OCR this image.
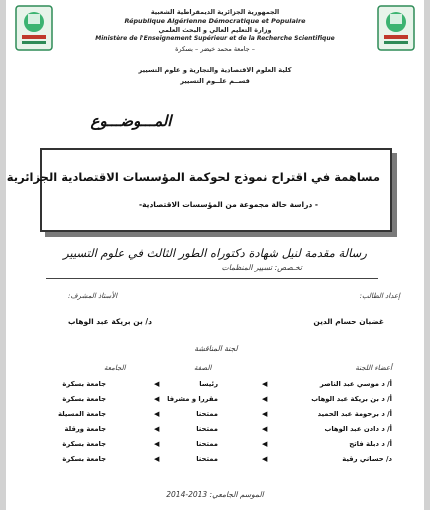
الجمهورية الجزائرية الديمقراطية الشعبية
République Algérienne Démocratique et Populaire
وزارة التعليم العالي و البحث العلمي
Ministère de l'Enseignement Supérieur et de la Recherche Scientifique
جامعة محمد خيضر – بسكرة –
كلية العلوم الاقتصادية والتجارية و علوم التسيير
قســم علــوم التسيير
المـــوضـــوع
مساهمة في اقتراح نموذج لحوكمة المؤسسات الاقتصادية الجزائرية
- دراسة حالة مجموعة من المؤسسات الاقتصادية-
رسالة مقدمة لنيل شهادة دكتوراه الطور الثالث في علوم التسيير
تخـصص: تسيير المنظمات
إعداد الطالب:
الأستاذ المشرف:
غضبان حسام الدين
د/ بن بريكة عبد الوهاب
لجنة المناقشة
أعضاء اللجنة
الصفة
الجامعة
أ/ د موسي عبد الناصر
◀
رئيسا
◀
جامعة بسكرة
أ/ د بن بريكة عبد الوهاب
◀
مقررا و مشرفا
◀
جامعة بسكرة
أ/ د برحومة عبد الحميد
◀
ممتحنا
◀
جامعة المسيلة
أ/ د دادن عبد الوهاب
◀
ممتحنا
◀
جامعة ورقلة
أ/ د دبلة فاتح
◀
ممتحنا
◀
جامعة بسكرة
د/ حساني رقية
◀
ممتحنا
◀
جامعة بسكرة
الموسم الجامعي: 2013-2014
